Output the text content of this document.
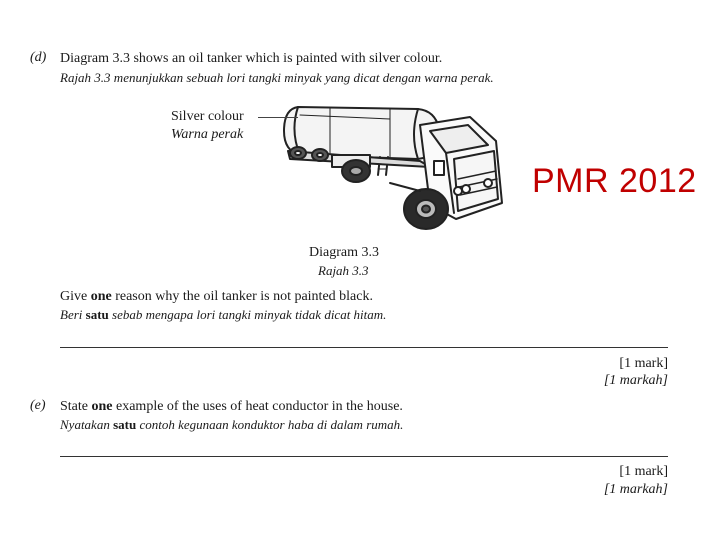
(d) Diagram 3.3 shows an oil tanker which is painted with silver colour.
Rajah 3.3 menunjukkan sebuah lori tangki minyak yang dicat dengan warna perak.
Silver colour
Warna perak
PMR 2012
Diagram 3.3
Rajah 3.3
Give one reason why the oil tanker is not painted black.
Beri satu sebab mengapa lori tangki minyak tidak dicat hitam.
[1 mark]
[1 markah]
(e) State one example of the uses of heat conductor in the house.
Nyatakan satu contoh kegunaan konduktor haba di dalam rumah.
[1 mark]
[1 markah]
